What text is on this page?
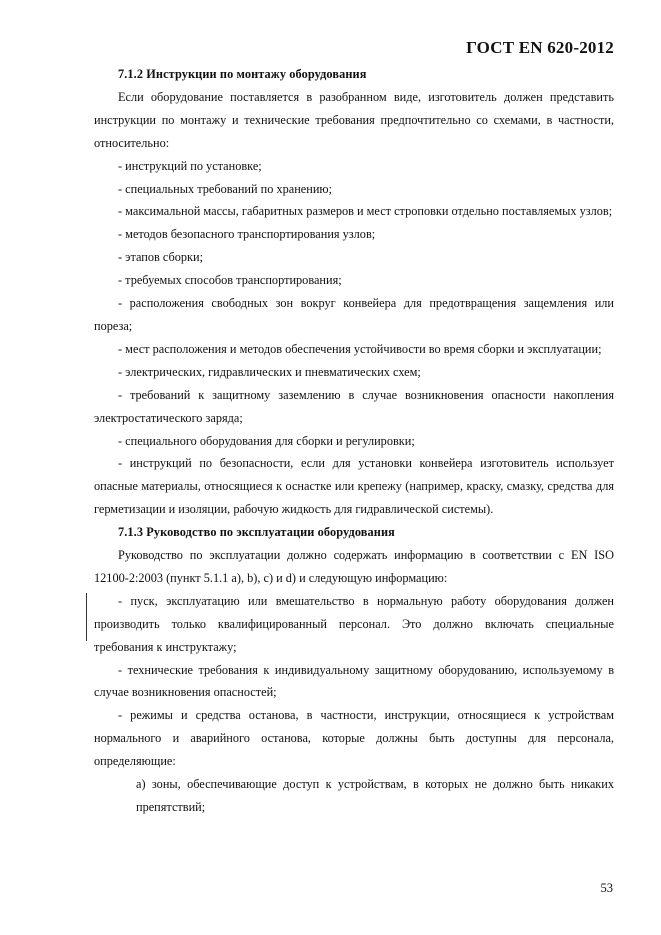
ГОСТ EN 620-2012

7.1.2 Инструкции по монтажу оборудования

Если оборудование поставляется в разобранном виде, изготовитель должен представить инструкции по монтажу и технические требования предпочтительно со схемами, в частности, относительно:

- инструкций по установке;

- специальных требований по хранению;

- максимальной массы, габаритных размеров и мест строповки отдельно поставляемых узлов;

- методов безопасного транспортирования узлов;

- этапов сборки;

- требуемых способов транспортирования;

- расположения свободных зон вокруг конвейера для предотвращения защемления или пореза;

- мест расположения и методов обеспечения устойчивости во время сборки и эксплуатации;

- электрических, гидравлических и пневматических схем;

- требований к защитному заземлению в случае возникновения опасности накопления электростатического заряда;

- специального оборудования для сборки и регулировки;

- инструкций по безопасности, если для установки конвейера изготовитель использует опасные материалы, относящиеся к оснастке или крепежу (например, краску, смазку, средства для герметизации и изоляции, рабочую жидкость для гидравлической системы).

7.1.3 Руководство по эксплуатации оборудования

Руководство по эксплуатации должно содержать информацию в соответствии с EN ISO 12100-2:2003 (пункт 5.1.1 а), b), с) и d) и следующую информацию:

- пуск, эксплуатацию или вмешательство в нормальную работу оборудования должен производить только квалифицированный персонал. Это должно включать специальные требования к инструктажу;

- технические требования к индивидуальному защитному оборудованию, используемому в случае возникновения опасностей;

- режимы и средства останова, в частности, инструкции, относящиеся к устройствам нормального и аварийного останова, которые должны быть доступны для персонала, определяющие:

а) зоны, обеспечивающие доступ к устройствам, в которых не должно быть никаких препятствий;

53
